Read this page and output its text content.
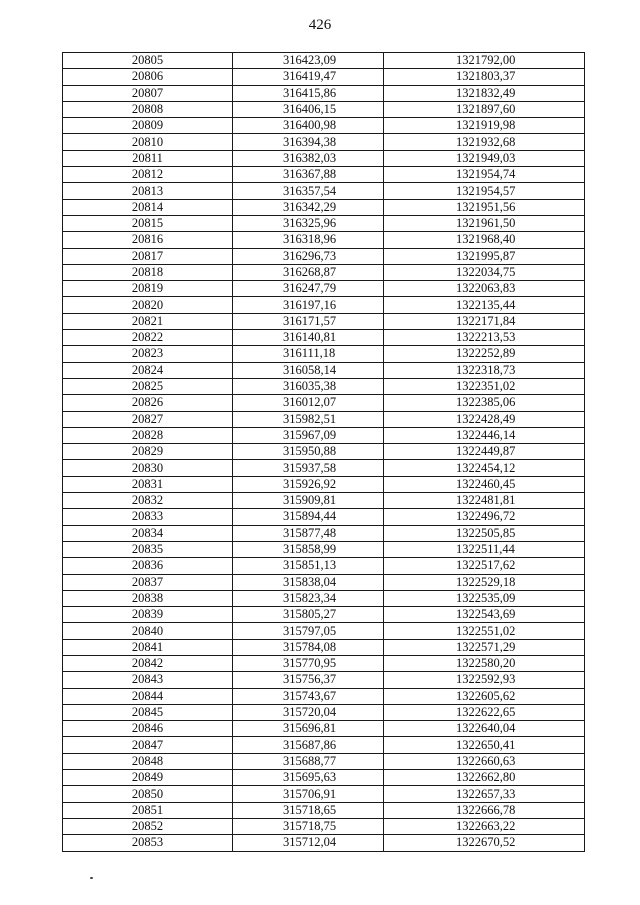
426
20805	316423,09	1321792,00
20806	316419,47	1321803,37
20807	316415,86	1321832,49
20808	316406,15	1321897,60
20809	316400,98	1321919,98
20810	316394,38	1321932,68
20811	316382,03	1321949,03
20812	316367,88	1321954,74
20813	316357,54	1321954,57
20814	316342,29	1321951,56
20815	316325,96	1321961,50
20816	316318,96	1321968,40
20817	316296,73	1321995,87
20818	316268,87	1322034,75
20819	316247,79	1322063,83
20820	316197,16	1322135,44
20821	316171,57	1322171,84
20822	316140,81	1322213,53
20823	316111,18	1322252,89
20824	316058,14	1322318,73
20825	316035,38	1322351,02
20826	316012,07	1322385,06
20827	315982,51	1322428,49
20828	315967,09	1322446,14
20829	315950,88	1322449,87
20830	315937,58	1322454,12
20831	315926,92	1322460,45
20832	315909,81	1322481,81
20833	315894,44	1322496,72
20834	315877,48	1322505,85
20835	315858,99	1322511,44
20836	315851,13	1322517,62
20837	315838,04	1322529,18
20838	315823,34	1322535,09
20839	315805,27	1322543,69
20840	315797,05	1322551,02
20841	315784,08	1322571,29
20842	315770,95	1322580,20
20843	315756,37	1322592,93
20844	315743,67	1322605,62
20845	315720,04	1322622,65
20846	315696,81	1322640,04
20847	315687,86	1322650,41
20848	315688,77	1322660,63
20849	315695,63	1322662,80
20850	315706,91	1322657,33
20851	315718,65	1322666,78
20852	315718,75	1322663,22
20853	315712,04	1322670,52
